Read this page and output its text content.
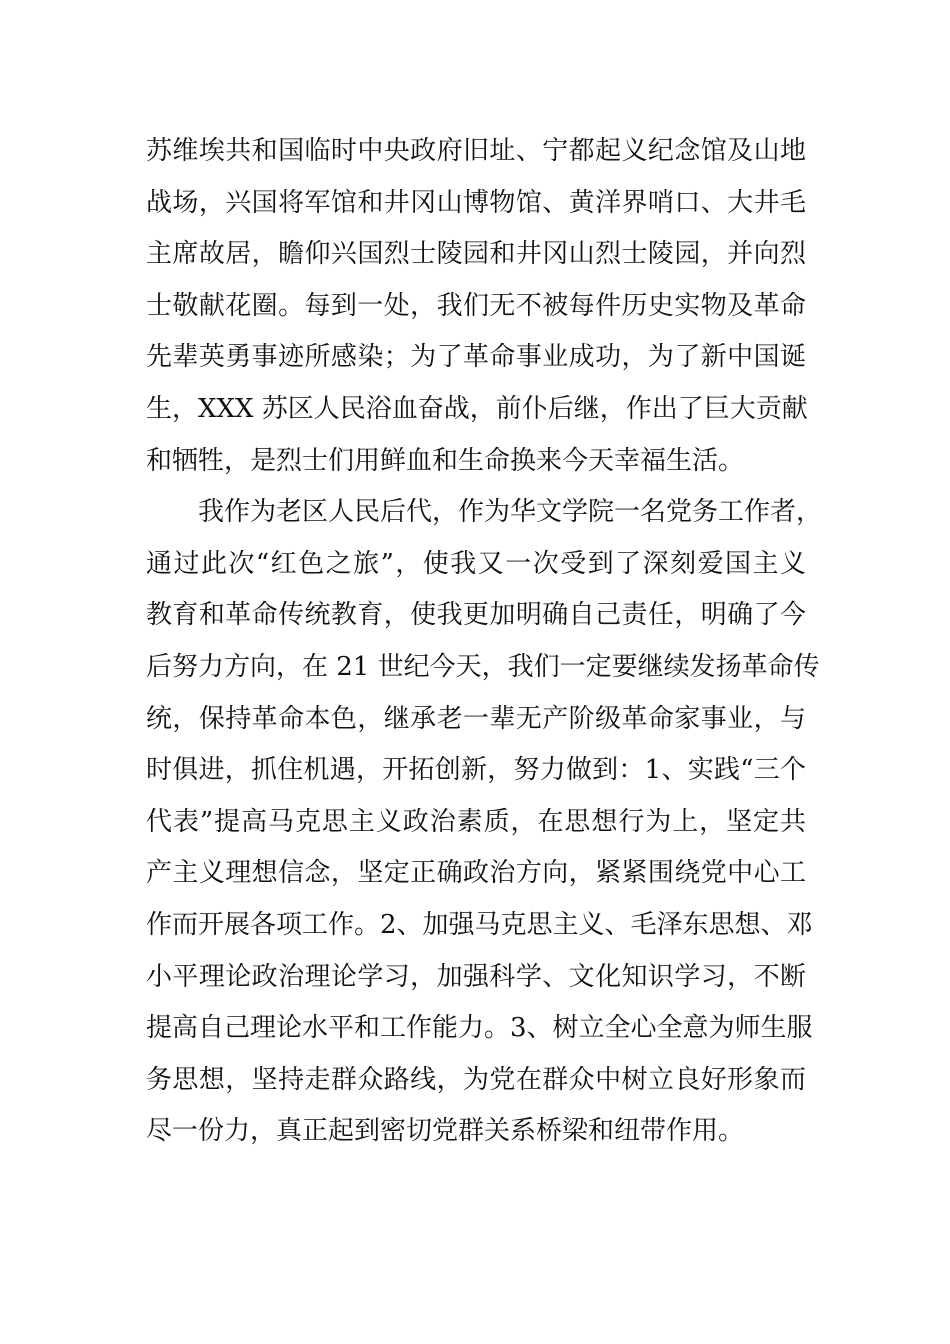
苏维埃共和国临时中央政府旧址、宁都起义纪念馆及山地
战场，兴国将军馆和井冈山博物馆、黄洋界哨口、大井毛
主席故居，瞻仰兴国烈士陵园和井冈山烈士陵园，并向烈
士敬献花圈。每到一处，我们无不被每件历史实物及革命
先辈英勇事迹所感染；为了革命事业成功，为了新中国诞
生，XXX 苏区人民浴血奋战，前仆后继，作出了巨大贡献
和牺牲，是烈士们用鲜血和生命换来今天幸福生活。
我作为老区人民后代，作为华文学院一名党务工作者，
通过此次“红色之旅”，使我又一次受到了深刻爱国主义
教育和革命传统教育，使我更加明确自己责任，明确了今
后努力方向，在 21 世纪今天，我们一定要继续发扬革命传
统，保持革命本色，继承老一辈无产阶级革命家事业，与
时俱进，抓住机遇，开拓创新，努力做到：1、实践“三个
代表”提高马克思主义政治素质，在思想行为上，坚定共
产主义理想信念，坚定正确政治方向，紧紧围绕党中心工
作而开展各项工作。2、加强马克思主义、毛泽东思想、邓
小平理论政治理论学习，加强科学、文化知识学习，不断
提高自己理论水平和工作能力。3、树立全心全意为师生服
务思想，坚持走群众路线，为党在群众中树立良好形象而
尽一份力，真正起到密切党群关系桥梁和纽带作用。
